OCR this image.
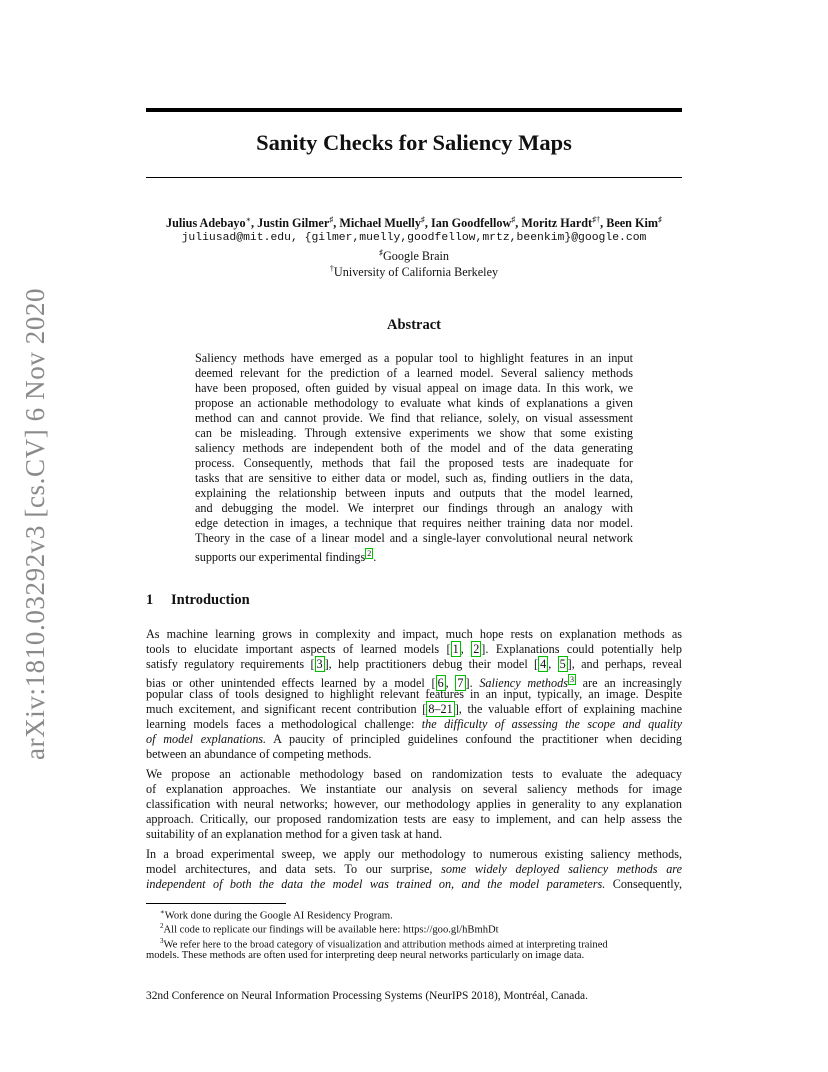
arXiv:1810.03292v3 [cs.CV] 6 Nov 2020
Sanity Checks for Saliency Maps
Julius Adebayo∗, Justin Gilmer♯, Michael Muelly♯, Ian Goodfellow♯, Moritz Hardt♯†, Been Kim♯
juliusad@mit.edu, {gilmer,muelly,goodfellow,mrtz,beenkim}@google.com
♯Google Brain
†University of California Berkeley
Abstract
Saliency methods have emerged as a popular tool to highlight features in an input
deemed relevant for the prediction of a learned model. Several saliency methods
have been proposed, often guided by visual appeal on image data. In this work, we
propose an actionable methodology to evaluate what kinds of explanations a given
method can and cannot provide. We find that reliance, solely, on visual assessment
can be misleading. Through extensive experiments we show that some existing
saliency methods are independent both of the model and of the data generating
process. Consequently, methods that fail the proposed tests are inadequate for
tasks that are sensitive to either data or model, such as, finding outliers in the data,
explaining the relationship between inputs and outputs that the model learned,
and debugging the model. We interpret our findings through an analogy with
edge detection in images, a technique that requires neither training data nor model.
Theory in the case of a linear model and a single-layer convolutional neural network
supports our experimental findings $^2$ .
1 Introduction
As machine learning grows in complexity and impact, much hope rests on explanation methods as
tools to elucidate important aspects of learned models [ 1 , 2 ]. Explanations could potentially help
satisfy regulatory requirements [ 3 ], help practitioners debug their model [ 4 , 5 ], and perhaps, reveal
bias or other unintended effects learned by a model [ 6 , 7 ]. Saliency methods $^3$ are an increasingly
popular class of tools designed to highlight relevant features in an input, typically, an image. Despite
much excitement, and significant recent contribution [ 8–21 ], the valuable effort of explaining machine
learning models faces a methodological challenge: the difficulty of assessing the scope and quality
of model explanations. A paucity of principled guidelines confound the practitioner when deciding
between an abundance of competing methods.
We propose an actionable methodology based on randomization tests to evaluate the adequacy
of explanation approaches. We instantiate our analysis on several saliency methods for image
classification with neural networks; however, our methodology applies in generality to any explanation
approach. Critically, our proposed randomization tests are easy to implement, and can help assess the
suitability of an explanation method for a given task at hand.
In a broad experimental sweep, we apply our methodology to numerous existing saliency methods,
model architectures, and data sets. To our surprise, some widely deployed saliency methods are
independent of both the data the model was trained on, and the model parameters. Consequently,
∗Work done during the Google AI Residency Program.
$^2$All code to replicate our findings will be available here: https://goo.gl/hBmhDt
$^3$We refer here to the broad category of visualization and attribution methods aimed at interpreting trained
models. These methods are often used for interpreting deep neural networks particularly on image data.
32nd Conference on Neural Information Processing Systems (NeurIPS 2018), Montréal, Canada.
